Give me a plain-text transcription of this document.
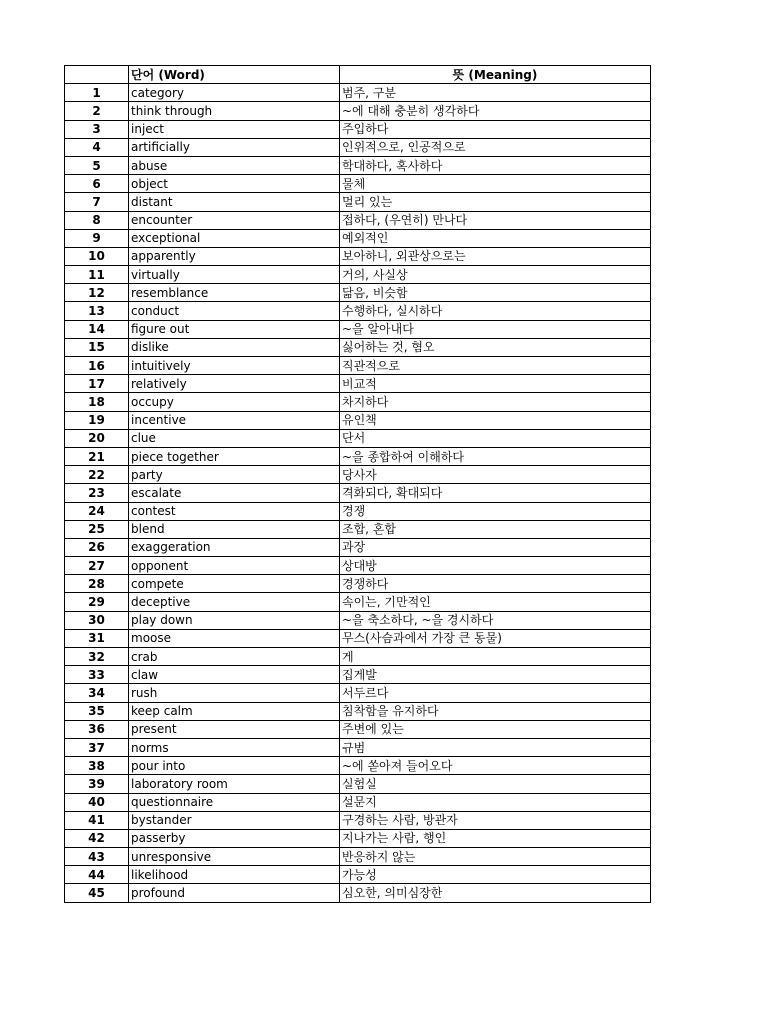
	단어 (Word)	뜻 (Meaning)
1	category	범주, 구분
2	think through	~에 대해 충분히 생각하다
3	inject	주입하다
4	artificially	인위적으로, 인공적으로
5	abuse	학대하다, 혹사하다
6	object	물체
7	distant	멀리 있는
8	encounter	접하다, (우연히) 만나다
9	exceptional	예외적인
10	apparently	보아하니, 외관상으로는
11	virtually	거의, 사실상
12	resemblance	닮음, 비슷함
13	conduct	수행하다, 실시하다
14	figure out	~을 알아내다
15	dislike	싫어하는 것, 혐오
16	intuitively	직관적으로
17	relatively	비교적
18	occupy	차지하다
19	incentive	유인책
20	clue	단서
21	piece together	~을 종합하여 이해하다
22	party	당사자
23	escalate	격화되다, 확대되다
24	contest	경쟁
25	blend	조합, 혼합
26	exaggeration	과장
27	opponent	상대방
28	compete	경쟁하다
29	deceptive	속이는, 기만적인
30	play down	~을 축소하다, ~을 경시하다
31	moose	무스(사슴과에서 가장 큰 동물)
32	crab	게
33	claw	집게발
34	rush	서두르다
35	keep calm	침착함을 유지하다
36	present	주변에 있는
37	norms	규범
38	pour into	~에 쏟아져 들어오다
39	laboratory room	실험실
40	questionnaire	설문지
41	bystander	구경하는 사람, 방관자
42	passerby	지나가는 사람, 행인
43	unresponsive	반응하지 않는
44	likelihood	가능성
45	profound	심오한, 의미심장한
